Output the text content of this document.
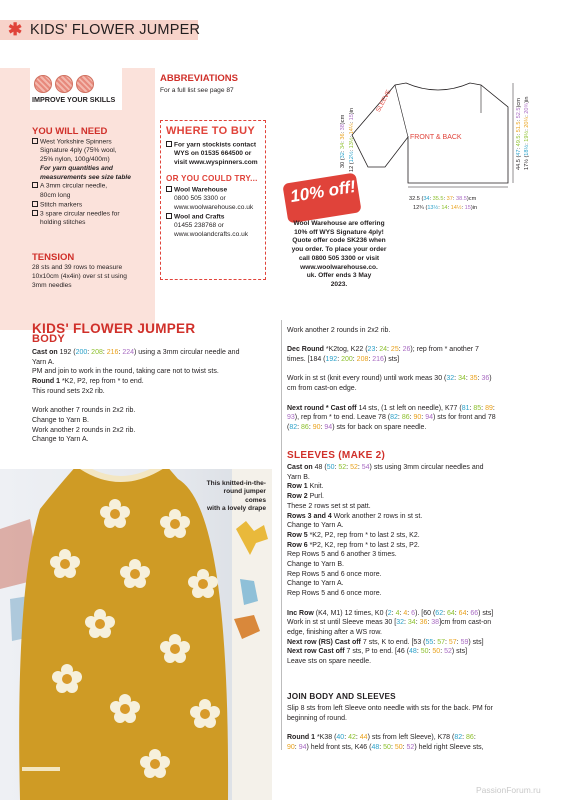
✱ KIDS' FLOWER JUMPER
IMPROVE YOUR SKILLS
YOU WILL NEED
West Yorkshire Spinners
Signature 4ply (75% wool,
25% nylon, 100g/400m)
For yarn quantities and
measurements see size table
A 3mm circular needle,
80cm long
Stitch markers
3 spare circular needles for
holding stitches
TENSION
28 sts and 39 rows to measure
10x10cm (4x4in) over st st using
3mm needles
ABBREVIATIONS
For a full list see page 87
WHERE TO BUY
For yarn stockists contact
WYS on 01535 664500 or
visit www.wyspinners.com
OR YOU COULD TRY...
Wool Warehouse
0800 505 3300 or
www.woolwarehouse.co.uk
Wool and Crafts
01455 238768 or
www.woolandcrafts.co.uk
FRONT & BACK
SLEEVE
30 (32: 34: 36: 38)cm
12 (12½: 13½: 14¼: 15)in
44.5 (47: 49.5: 51.5: 52.5)cm
17½ (18½: 19½: 20¼: 20¾)in
32.5 (34: 35.5: 37: 38.5)cm
12¾ (13½: 14: 14½: 15)in
10% off!
Wool Warehouse are offering
10% off WYS Signature 4ply!
Quote offer code SK236 when
you order. To place your order
call 0800 505 3300 or visit
www.woolwarehouse.co.
uk. Offer ends 3 May
2023.
KIDS' FLOWER JUMPER
BODY
Cast on 192 (200: 208: 216: 224) using a 3mm circular needle and
Yarn A.
PM and join to work in the round, taking care not to twist sts.
Round 1 *K2, P2, rep from * to end.
This round sets 2x2 rib.
Work another 7 rounds in 2x2 rib.
Change to Yarn B.
Work another 2 rounds in 2x2 rib.
Change to Yarn A.
This knitted-in-the-
round jumper comes
with a lovely drape
Work another 2 rounds in 2x2 rib.
Dec Round *K2tog, K22 (23: 24: 25: 26); rep from * another 7
times. [184 (192: 200: 208: 216) sts]
Work in st st (knit every round) until work meas 30 (32: 34: 35: 36)
cm from cast-on edge.
Next round * Cast off 14 sts, (1 st left on needle), K77 (81: 85: 89:
93), rep from * to end. Leave 78 (82: 86: 90: 94) sts for front and 78
(82: 86: 90: 94) sts for back on spare needle.
SLEEVES (MAKE 2)
Cast on 48 (50: 52: 52: 54) sts using 3mm circular needles and
Yarn B.
Row 1 Knit.
Row 2 Purl.
These 2 rows set st st patt.
Rows 3 and 4 Work another 2 rows in st st.
Change to Yarn A.
Row 5 *K2, P2, rep from * to last 2 sts, K2.
Row 6 *P2, K2, rep from * to last 2 sts, P2.
Rep Rows 5 and 6 another 3 times.
Change to Yarn B.
Rep Rows 5 and 6 once more.
Change to Yarn A.
Rep Rows 5 and 6 once more.
Inc Row (K4, M1) 12 times, K0 (2: 4: 4: 6). [60 (62: 64: 64: 66) sts]
Work in st st until Sleeve meas 30 [32: 34: 36: 38]cm from cast-on
edge, finishing after a WS row.
Next row (RS) Cast off 7 sts, K to end. [53 (55: 57: 57: 59) sts]
Next row Cast off 7 sts, P to end. [46 (48: 50: 50: 52) sts]
Leave sts on spare needle.
JOIN BODY AND SLEEVES
Slip 8 sts from left Sleeve onto needle with sts for the back. PM for
beginning of round.
Round 1 *K38 (40: 42: 44) sts from left Sleeve), K78 (82: 86:
90: 94) held front sts, K46 (48: 50: 50: 52) held right Sleeve sts,
PassionForum.ru
